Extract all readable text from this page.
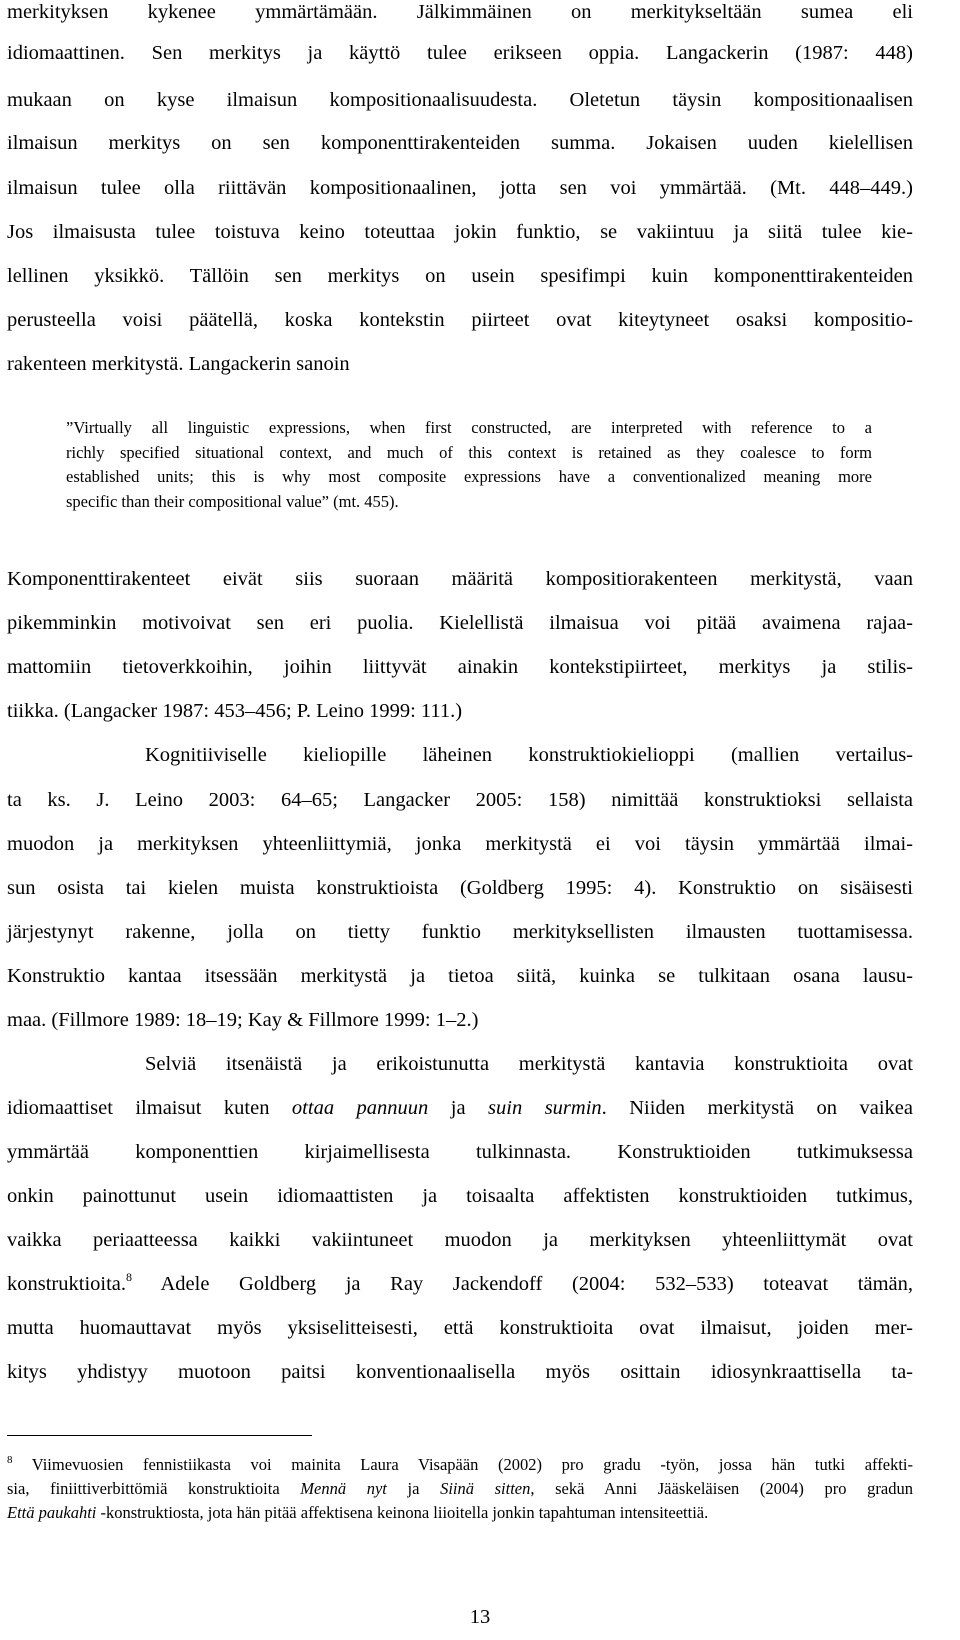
merkityksen kykenee ymmärtämään. Jälkimmäinen on merkitykseltään sumea eli
idiomaattinen. Sen merkitys ja käyttö tulee erikseen oppia. Langackerin (1987: 448)
mukaan on kyse ilmaisun kompositionaalisuudesta. Oletetun täysin kompositionaalisen
ilmaisun merkitys on sen komponenttirakenteiden summa. Jokaisen uuden kielellisen
ilmaisun tulee olla riittävän kompositionaalinen, jotta sen voi ymmärtää. (Mt. 448–449.)
Jos ilmaisusta tulee toistuva keino toteuttaa jokin funktio, se vakiintuu ja siitä tulee kie-
lellinen yksikkö. Tällöin sen merkitys on usein spesifimpi kuin komponenttirakenteiden
perusteella voisi päätellä, koska kontekstin piirteet ovat kiteytyneet osaksi kompositio-
rakenteen merkitystä. Langackerin sanoin
”Virtually all linguistic expressions, when first constructed, are interpreted with reference to a
richly specified situational context, and much of this context is retained as they coalesce to form
established units; this is why most composite expressions have a conventionalized meaning more
specific than their compositional value” (mt. 455).
Komponenttirakenteet eivät siis suoraan määritä kompositiorakenteen merkitystä, vaan
pikemminkin motivoivat sen eri puolia. Kielellistä ilmaisua voi pitää avaimena rajaa-
mattomiin tietoverkkoihin, joihin liittyvät ainakin kontekstipiirteet, merkitys ja stilis-
tiikka. (Langacker 1987: 453–456; P. Leino 1999: 111.)
Kognitiiviselle kieliopille läheinen konstruktiokielioppi (mallien vertailus-
ta ks. J. Leino 2003: 64–65; Langacker 2005: 158) nimittää konstruktioksi sellaista
muodon ja merkityksen yhteenliittymiä, jonka merkitystä ei voi täysin ymmärtää ilmai-
sun osista tai kielen muista konstruktioista (Goldberg 1995: 4). Konstruktio on sisäisesti
järjestynyt rakenne, jolla on tietty funktio merkityksellisten ilmausten tuottamisessa.
Konstruktio kantaa itsessään merkitystä ja tietoa siitä, kuinka se tulkitaan osana lausu-
maa. (Fillmore 1989: 18–19; Kay & Fillmore 1999: 1–2.)
Selviä itsenäistä ja erikoistunutta merkitystä kantavia konstruktioita ovat
idiomaattiset ilmaisut kuten ottaa pannuun ja suin surmin. Niiden merkitystä on vaikea
ymmärtää komponenttien kirjaimellisesta tulkinnasta. Konstruktioiden tutkimuksessa
onkin painottunut usein idiomaattisten ja toisaalta affektisten konstruktioiden tutkimus,
vaikka periaatteessa kaikki vakiintuneet muodon ja merkityksen yhteenliittymät ovat
konstruktioita.$^8$ Adele Goldberg ja Ray Jackendoff (2004: 532–533) toteavat tämän,
mutta huomauttavat myös yksiselitteisesti, että konstruktioita ovat ilmaisut, joiden mer-
kitys yhdistyy muotoon paitsi konventionaalisella myös osittain idiosynkraattisella ta-
$^8$ Viimevuosien fennistiikasta voi mainita Laura Visapään (2002) pro gradu -työn, jossa hän tutki affekti-
sia, finiittiverbittömiä konstruktioita Mennä nyt ja Siinä sitten, sekä Anni Jääskeläisen (2004) pro gradun
Että paukahti -konstruktiosta, jota hän pitää affektisena keinona liioitella jonkin tapahtuman intensiteettiä.
13
